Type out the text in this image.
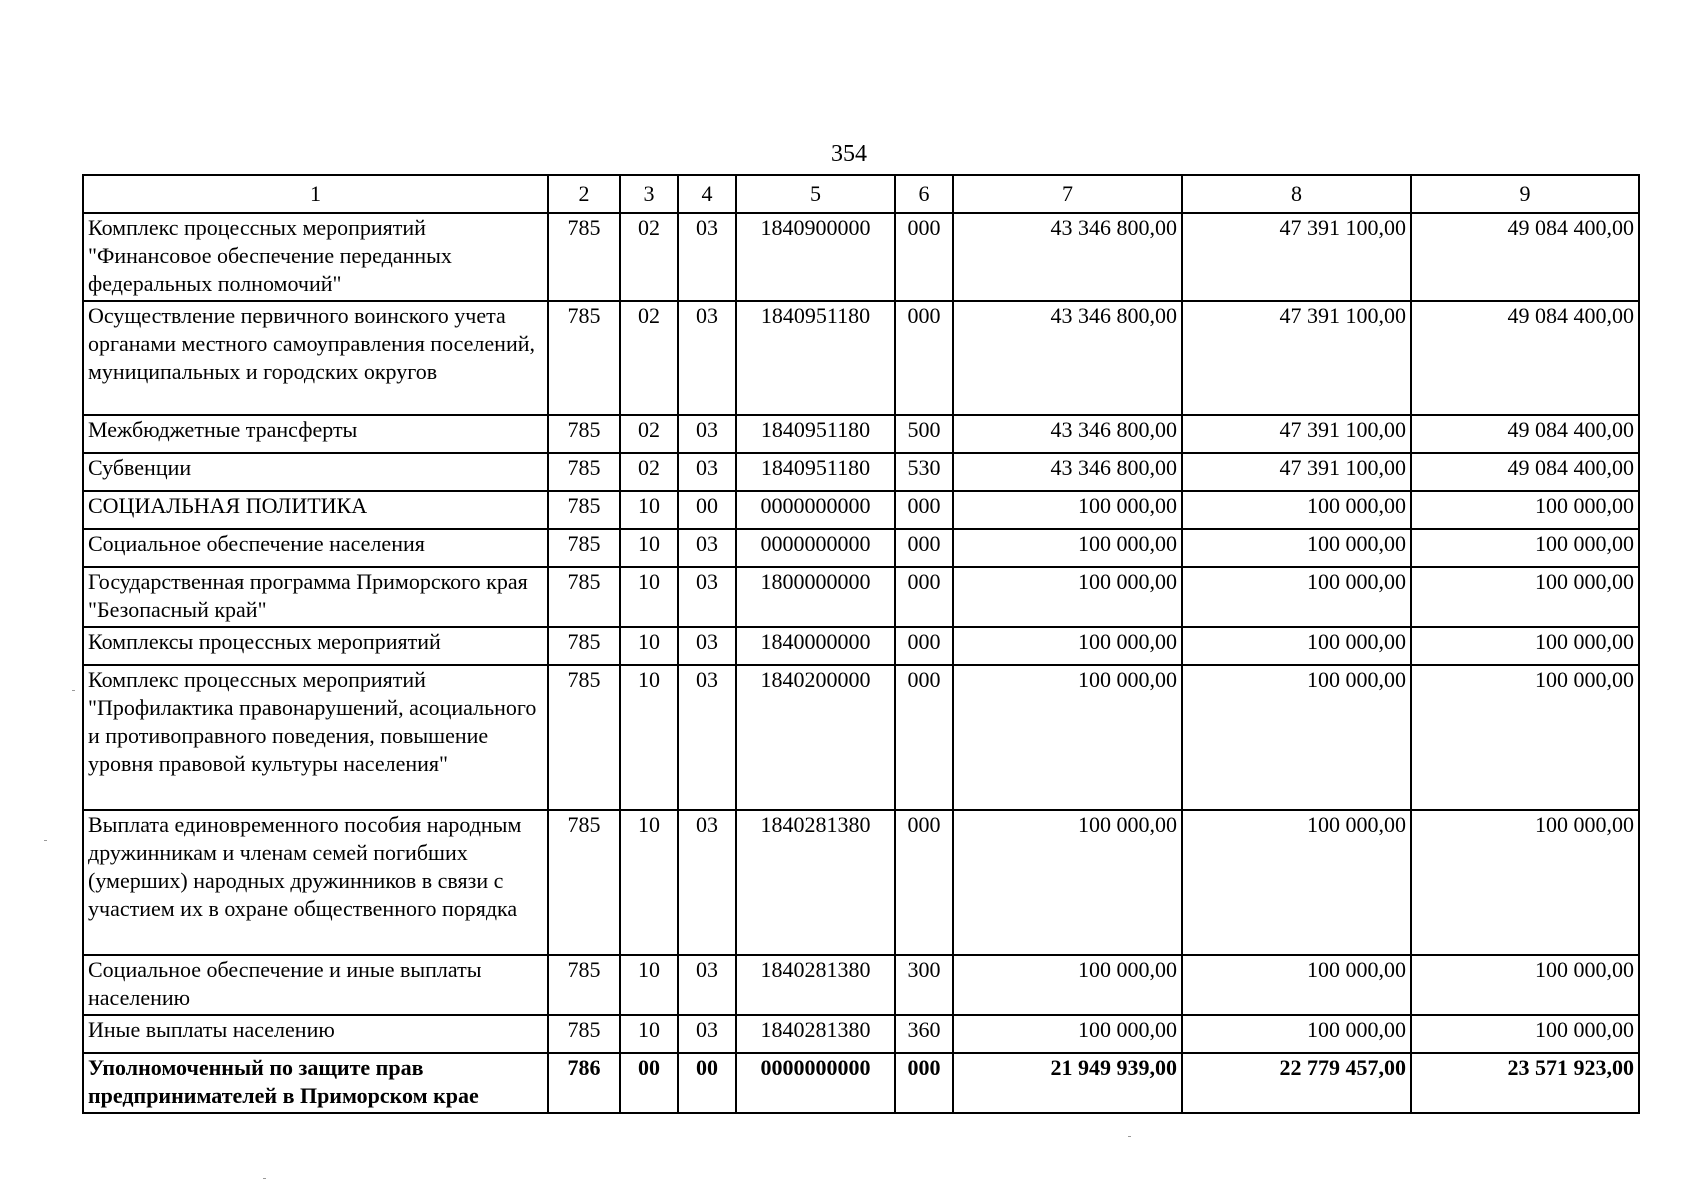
354
1	2	3	4	5	6	7	8	9
Комплекс процессных мероприятий "Финансовое обеспечение переданных федеральных полномочий"	785	02	03	1840900000	000	43 346 800,00	47 391 100,00	49 084 400,00
Осуществление первичного воинского учета органами местного самоуправления поселений, муниципальных и городских округов	785	02	03	1840951180	000	43 346 800,00	47 391 100,00	49 084 400,00
Межбюджетные трансферты	785	02	03	1840951180	500	43 346 800,00	47 391 100,00	49 084 400,00
Субвенции	785	02	03	1840951180	530	43 346 800,00	47 391 100,00	49 084 400,00
СОЦИАЛЬНАЯ ПОЛИТИКА	785	10	00	0000000000	000	100 000,00	100 000,00	100 000,00
Социальное обеспечение населения	785	10	03	0000000000	000	100 000,00	100 000,00	100 000,00
Государственная программа Приморского края "Безопасный край"	785	10	03	1800000000	000	100 000,00	100 000,00	100 000,00
Комплексы процессных мероприятий	785	10	03	1840000000	000	100 000,00	100 000,00	100 000,00
Комплекс процессных мероприятий "Профилактика правонарушений, асоциального и противоправного поведения, повышение уровня правовой культуры населения"	785	10	03	1840200000	000	100 000,00	100 000,00	100 000,00
Выплата единовременного пособия народным дружинникам и членам семей погибших (умерших) народных дружинников в связи с участием их в охране общественного порядка	785	10	03	1840281380	000	100 000,00	100 000,00	100 000,00
Социальное обеспечение и иные выплаты населению	785	10	03	1840281380	300	100 000,00	100 000,00	100 000,00
Иные выплаты населению	785	10	03	1840281380	360	100 000,00	100 000,00	100 000,00
Уполномоченный по защите прав предпринимателей в Приморском крае	786	00	00	0000000000	000	21 949 939,00	22 779 457,00	23 571 923,00
